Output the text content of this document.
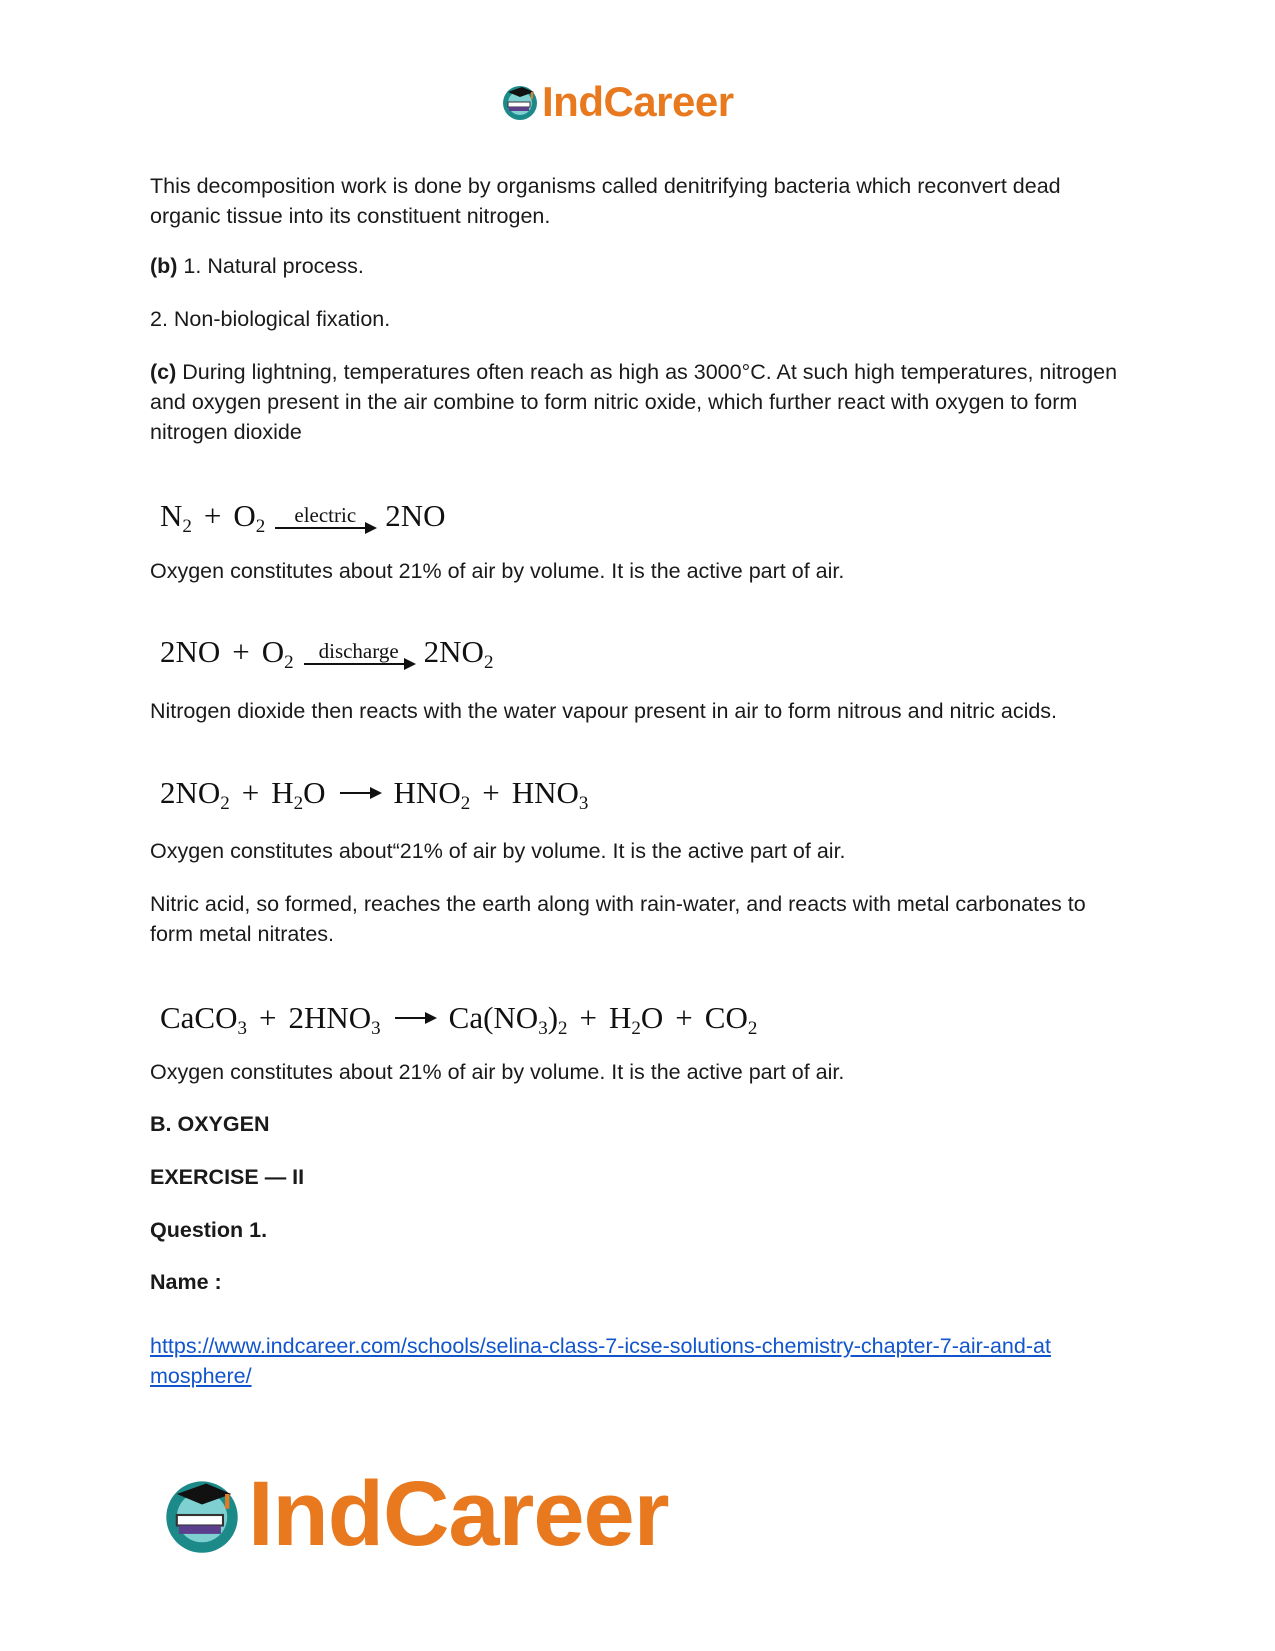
IndCareer

This decomposition work is done by organisms called denitrifying bacteria which reconvert dead organic tissue into its constituent nitrogen.

(b) 1. Natural process.

2. Non-biological fixation.

(c) During lightning, temperatures often reach as high as 3000°C. At such high temperatures, nitrogen and oxygen present in the air combine to form nitric oxide, which further react with oxygen to form nitrogen dioxide

$N_2 + O_2$	electric 2NO

Oxygen constitutes about 21% of air by volume. It is the active part of air.

$2NO + O_2$	discharge $2NO_2$

Nitrogen dioxide then reacts with the water vapour present in air to form nitrous and nitric acids.

$2NO_2 + H_2O \to HNO_2 + HNO_3$

Oxygen constitutes about“21% of air by volume. It is the active part of air.

Nitric acid, so formed, reaches the earth along with rain-water, and reacts with metal carbonates to form metal nitrates.

CaCO$_3$ + $2HNO_3 \to Ca(NO_3)_2 + H_2O + CO_2$

Oxygen constitutes about 21% of air by volume. It is the active part of air.

B. OXYGEN

EXERCISE — II

Question 1.

Name :

https://www.indcareer.com/schools/selina-class-7-icse-solutions-chemistry-chapter-7-air-and-at
mosphere/

IndCareer
